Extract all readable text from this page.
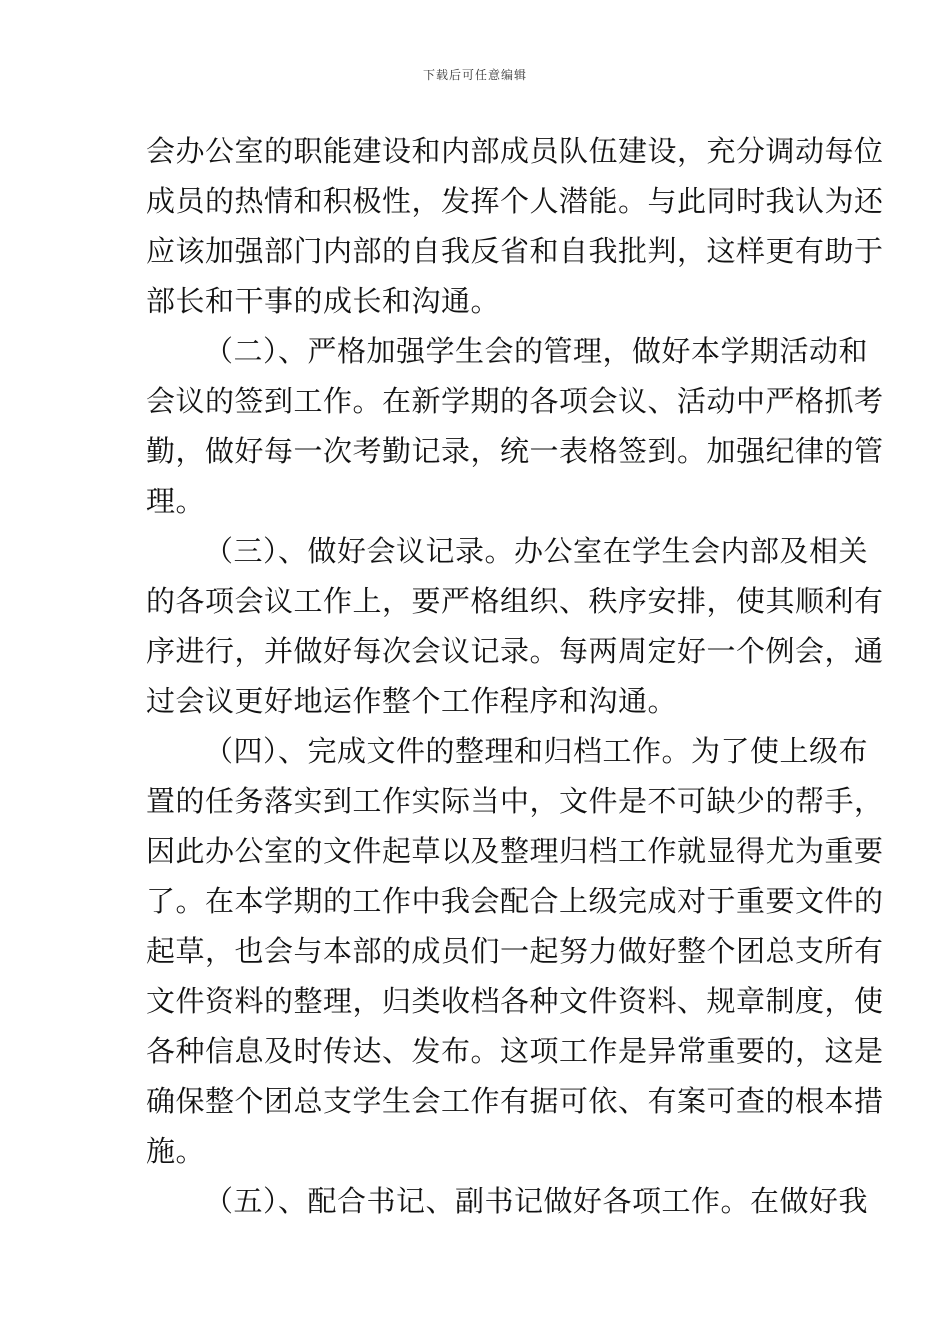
下载后可任意编辑
会办公室的职能建设和内部成员队伍建设，充分调动每位
成员的热情和积极性，发挥个人潜能。与此同时我认为还
应该加强部门内部的自我反省和自我批判，这样更有助于
部长和干事的成长和沟通。
（二）、严格加强学生会的管理，做好本学期活动和
会议的签到工作。在新学期的各项会议、活动中严格抓考
勤，做好每一次考勤记录，统一表格签到。加强纪律的管
理。
（三）、做好会议记录。办公室在学生会内部及相关
的各项会议工作上，要严格组织、秩序安排，使其顺利有
序进行，并做好每次会议记录。每两周定好一个例会，通
过会议更好地运作整个工作程序和沟通。
（四）、完成文件的整理和归档工作。为了使上级布
置的任务落实到工作实际当中，文件是不可缺少的帮手，
因此办公室的文件起草以及整理归档工作就显得尤为重要
了。在本学期的工作中我会配合上级完成对于重要文件的
起草，也会与本部的成员们一起努力做好整个团总支所有
文件资料的整理，归类收档各种文件资料、规章制度，使
各种信息及时传达、发布。这项工作是异常重要的，这是
确保整个团总支学生会工作有据可依、有案可查的根本措
施。
（五）、配合书记、副书记做好各项工作。在做好我
